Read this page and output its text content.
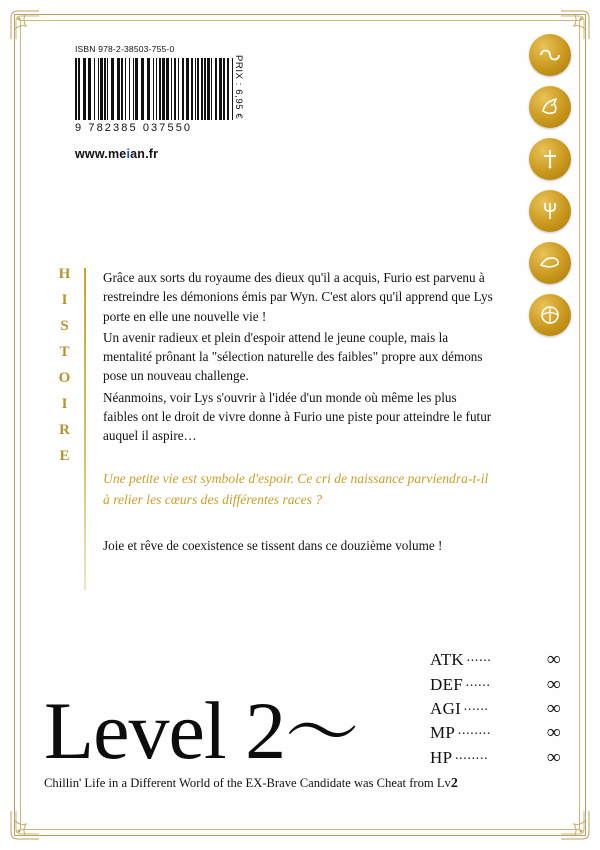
ISBN 978-2-38503-755-0
9 782385 037550
www.meian.fr
PRIX : 6,95 €
H
I
S
T
O
I
R
E

Grâce aux sorts du royaume des dieux qu'il a acquis, Furio est parvenu à restreindre les démonions émis par Wyn. C'est alors qu'il apprend que Lys porte en elle une nouvelle vie !

Un avenir radieux et plein d'espoir attend le jeune couple, mais la mentalité prônant la "sélection naturelle des faibles" propre aux démons pose un nouveau challenge.

Néanmoins, voir Lys s'ouvrir à l'idée d'un monde où même les plus faibles ont le droit de vivre donne à Furio une piste pour atteindre le futur auquel il aspire…

Une petite vie est symbole d'espoir. Ce cri de naissance parviendra-t-il à relier les cœurs des différentes races ?

Joie et rêve de coexistence se tissent dans ce douzième volume !

Level 2〜
Chillin' Life in a Different World of the EX-Brave Candidate was Cheat from Lv2
ATK ······	∞
DEF ······	∞
AGI ······	∞
MP ········	∞
HP ········	∞
